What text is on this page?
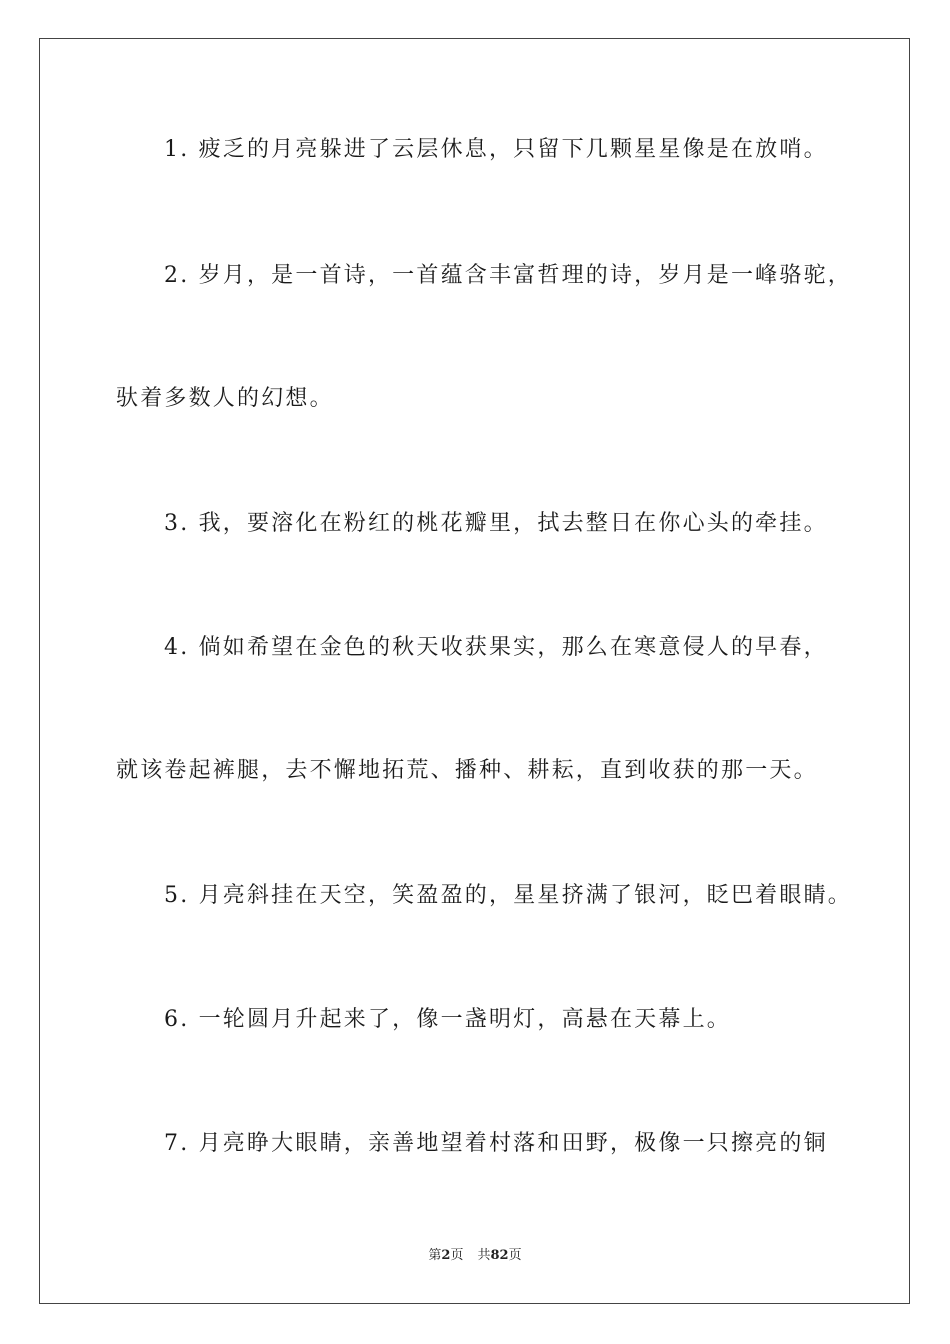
1. 疲乏的月亮躲进了云层休息，只留下几颗星星像是在放哨。
2. 岁月，是一首诗，一首蕴含丰富哲理的诗，岁月是一峰骆驼，
驮着多数人的幻想。
3. 我，要溶化在粉红的桃花瓣里，拭去整日在你心头的牵挂。
4. 倘如希望在金色的秋天收获果实，那么在寒意侵人的早春，
就该卷起裤腿，去不懈地拓荒、播种、耕耘，直到收获的那一天。
5. 月亮斜挂在天空，笑盈盈的，星星挤满了银河，眨巴着眼睛。
6. 一轮圆月升起来了，像一盏明灯，高悬在天幕上。
7. 月亮睁大眼睛，亲善地望着村落和田野，极像一只擦亮的铜
第2页 共82页
